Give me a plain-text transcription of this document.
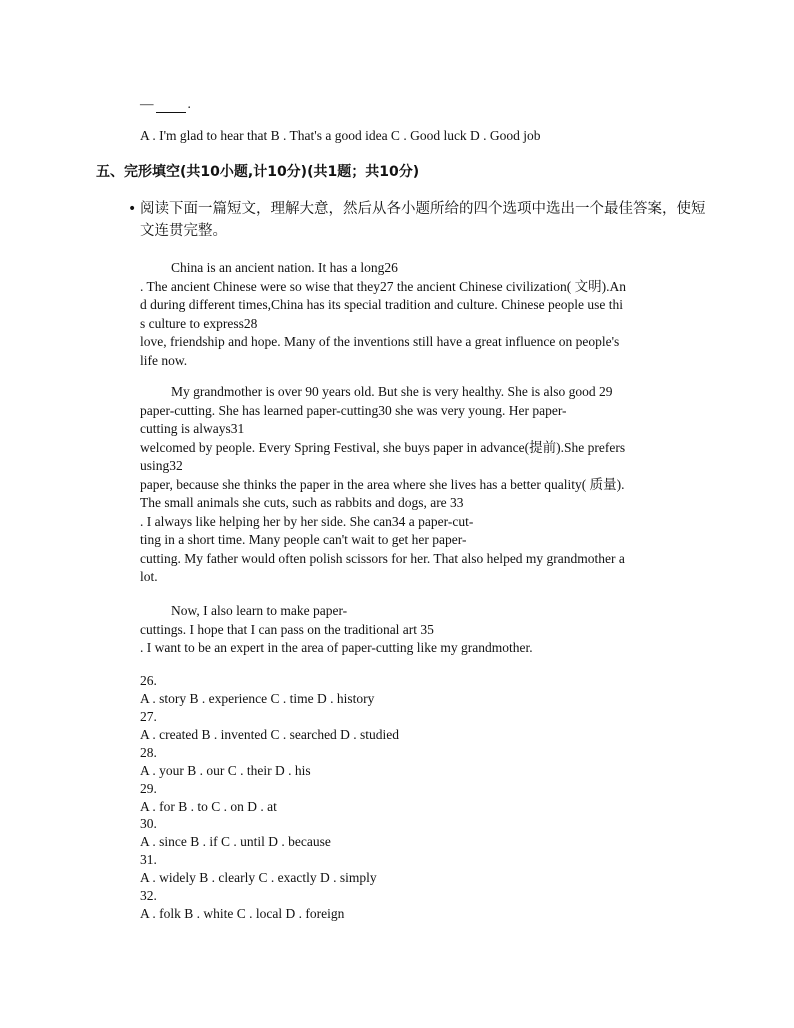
—	.
A . I'm glad to hear that B . That's a good idea C . Good luck D . Good job
五、完形填空(共10小题,计10分)(共1题；共10分)
• 阅读下面一篇短文，理解大意，然后从各小题所给的四个选项中选出一个最佳答案，使短文连贯完整。
China is an ancient nation. It has a long26
. The ancient Chinese were so wise that they27 the ancient Chinese civilization( 文明).An
d during different times,China has its special tradition and culture. Chinese people use thi
s culture to express28
love, friendship and hope. Many of the inventions still have a great influence on people's
life now.
My grandmother is over 90 years old. But she is very healthy. She is also good 29
paper-cutting. She has learned paper-cutting30 she was very young. Her paper-
cutting is always31
welcomed by people. Every Spring Festival, she buys paper in advance(提前).She prefers
using32
paper, because she thinks the paper in the area where she lives has a better quality( 质量).
The small animals she cuts, such as rabbits and dogs, are 33
. I always like helping her by her side. She can34 a paper-cut-
ting in a short time. Many people can't wait to get her paper-
cutting. My father would often polish scissors for her. That also helped my grandmother a
lot.
Now, I also learn to make paper-
cuttings. I hope that I can pass on the traditional art 35
. I want to be an expert in the area of paper-cutting like my grandmother.
26.
A . story B . experience C . time D . history
27.
A . created B . invented C . searched D . studied
28.
A . your B . our C . their D . his
29.
A . for B . to C . on D . at
30.
A . since B . if C . until D . because
31.
A . widely B . clearly C . exactly D . simply
32.
A . folk B . white C . local D . foreign
